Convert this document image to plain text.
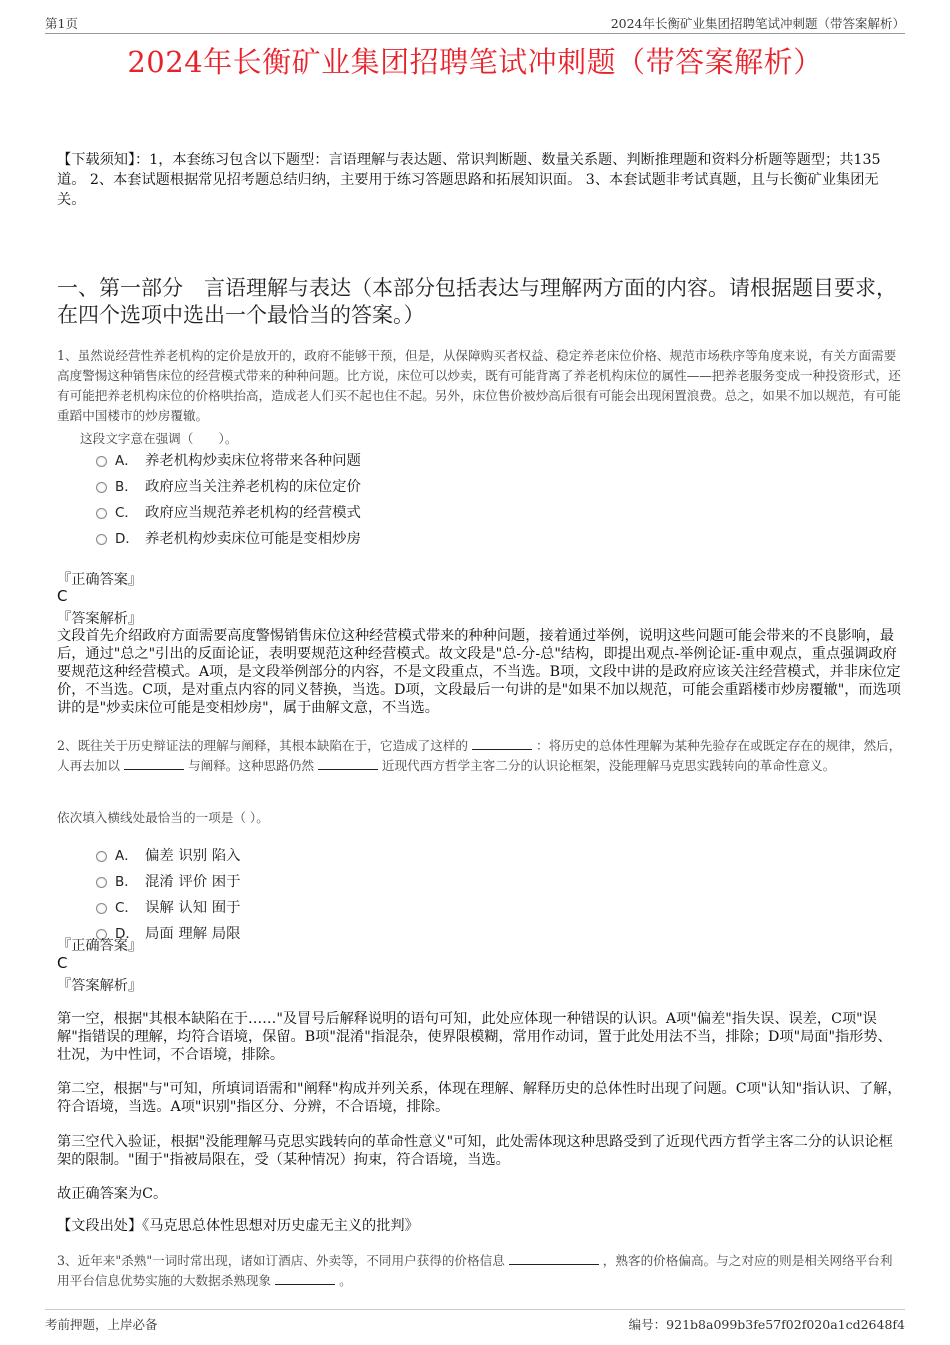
第1页	2024年长衡矿业集团招聘笔试冲刺题（带答案解析）
2024年长衡矿业集团招聘笔试冲刺题（带答案解析）
【下载须知】：1，本套练习包含以下题型：言语理解与表达题、常识判断题、数量关系题、判断推理题和资料分析题等题型；共135道。 2、本套试题根据常见招考题总结归纳，主要用于练习答题思路和拓展知识面。 3、本套试题非考试真题，且与长衡矿业集团无关。
一、第一部分　言语理解与表达（本部分包括表达与理解两方面的内容。请根据题目要求，在四个选项中选出一个最恰当的答案。）
1、虽然说经营性养老机构的定价是放开的，政府不能够干预，但是，从保障购买者权益、稳定养老床位价格、规范市场秩序等角度来说，有关方面需要高度警惕这种销售床位的经营模式带来的种种问题。比方说，床位可以炒卖，既有可能背离了养老机构床位的属性——把养老服务变成一种投资形式，还有可能把养老机构床位的价格哄抬高，造成老人们买不起也住不起。另外，床位售价被炒高后很有可能会出现闲置浪费。总之，如果不加以规范，有可能重蹈中国楼市的炒房覆辙。
这段文字意在强调（　　）。
A． 养老机构炒卖床位将带来各种问题
B． 政府应当关注养老机构的床位定价
C． 政府应当规范养老机构的经营模式
D． 养老机构炒卖床位可能是变相炒房
『正确答案』
C
『答案解析』
文段首先介绍政府方面需要高度警惕销售床位这种经营模式带来的种种问题，接着通过举例，说明这些问题可能会带来的不良影响，最后，通过"总之"引出的反面论证，表明要规范这种经营模式。故文段是"总-分-总"结构，即提出观点-举例论证-重申观点，重点强调政府要规范这种经营模式。A项，是文段举例部分的内容，不是文段重点，不当选。B项，文段中讲的是政府应该关注经营模式，并非床位定价，不当选。C项，是对重点内容的同义替换，当选。D项，文段最后一句讲的是"如果不加以规范，可能会重蹈楼市炒房覆辙"，而选项讲的是"炒卖床位可能是变相炒房"，属于曲解文意，不当选。
2、既往关于历史辩证法的理解与阐释，其根本缺陷在于，它造成了这样的	：将历史的总体性理解为某种先验存在或既定存在的规律，然后，人再去加以	与阐释。这种思路仍然	近现代西方哲学主客二分的认识论框架，没能理解马克思实践转向的革命性意义。
依次填入横线处最恰当的一项是（ ）。
A． 偏差 识别 陷入
B． 混淆 评价 困于
C． 误解 认知 囿于
D． 局面 理解 局限
『正确答案』
C
『答案解析』
第一空，根据"其根本缺陷在于……"及冒号后解释说明的语句可知，此处应体现一种错误的认识。A项"偏差"指失误、误差，C项"误解"指错误的理解，均符合语境，保留。B项"混淆"指混杂，使界限模糊，常用作动词，置于此处用法不当，排除；D项"局面"指形势、壮况，为中性词，不合语境，排除。
第二空，根据"与"可知，所填词语需和"阐释"构成并列关系，体现在理解、解释历史的总体性时出现了问题。C项"认知"指认识、了解，符合语境，当选。A项"识别"指区分、分辨，不合语境，排除。
第三空代入验证，根据"没能理解马克思实践转向的革命性意义"可知，此处需体现这种思路受到了近现代西方哲学主客二分的认识论框架的限制。"囿于"指被局限在，受（某种情况）拘束，符合语境，当选。
故正确答案为C。
【文段出处】《马克思总体性思想对历史虚无主义的批判》
3、近年来"杀熟"一词时常出现，诸如订酒店、外卖等，不同用户获得的价格信息	，熟客的价格偏高。与之对应的则是相关网络平台利用平台信息优势实施的大数据杀熟现象	。
考前押题，上岸必备	编号：921b8a099b3fe57f02f020a1cd2648f4
